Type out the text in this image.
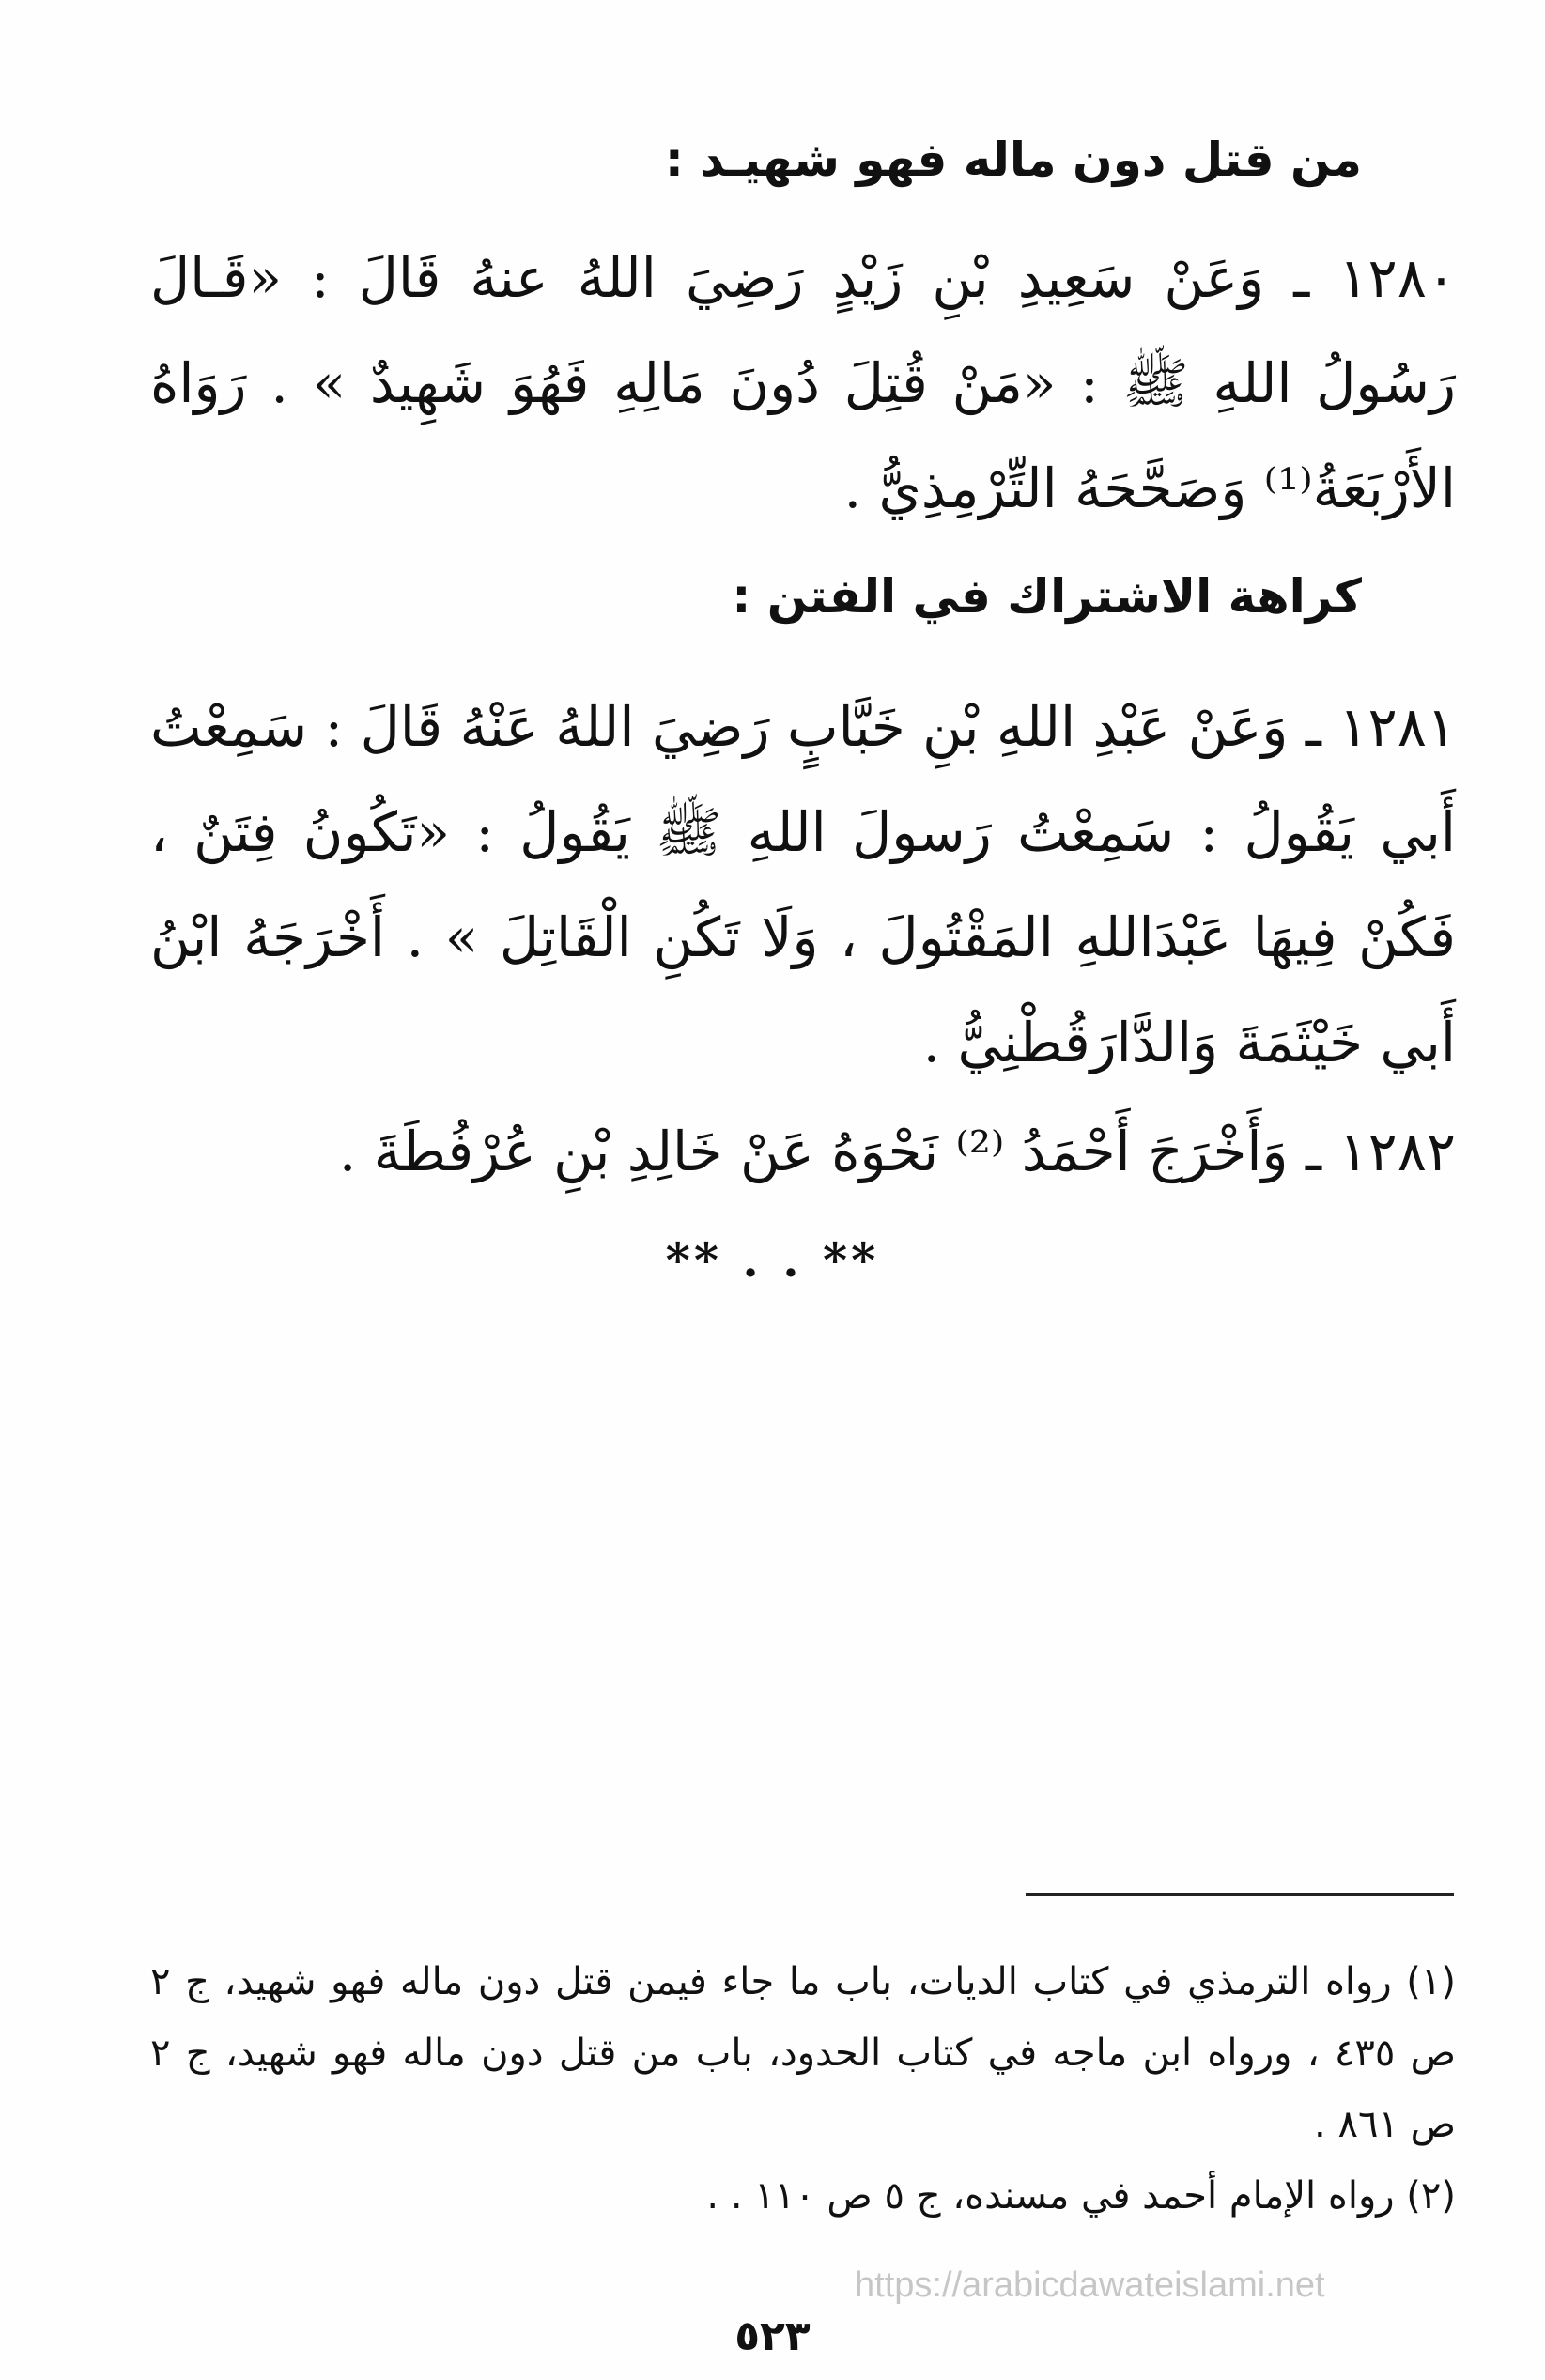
من قتل دون ماله فهو شهيـد :
١٢٨٠ ـ وَعَنْ سَعِيدِ بْنِ زَيْدٍ رَضِيَ اللهُ عنهُ قَالَ : «قَـالَ رَسُولُ اللهِ ﷺ : «مَنْ قُتِلَ دُونَ مَالِهِ فَهُوَ شَهِيدٌ » . رَوَاهُ الأَرْبَعَةُ⁽¹⁾ وَصَحَّحَهُ التِّرْمِذِيُّ .
كراهة الاشتراك في الفتن :
١٢٨١ ـ وَعَنْ عَبْدِ اللهِ بْنِ خَبَّابٍ رَضِيَ اللهُ عَنْهُ قَالَ : سَمِعْتُ أَبي يَقُولُ : سَمِعْتُ رَسولَ اللهِ ﷺ يَقُولُ : «تَكُونُ فِتَنٌ ، فَكُنْ فِيهَا عَبْدَاللهِ المَقْتُولَ ، وَلَا تَكُنِ الْقَاتِلَ » . أَخْرَجَهُ ابْنُ أَبي خَيْثَمَةَ وَالدَّارَقُطْنِيُّ .
١٢٨٢ ـ وَأَخْرَجَ أَحْمَدُ ⁽²⁾ نَحْوَهُ عَنْ خَالِدِ بْنِ عُرْفُطَةَ .
** . . **
(١) رواه الترمذي في كتاب الديات، باب ما جاء فيمن قتل دون ماله فهو شهيد، ج ٢ ص ٤٣٥ ، ورواه ابن ماجه في كتاب الحدود، باب من قتل دون ماله فهو شهيد، ج ٢ ص ٨٦١ .
(٢) رواه الإمام أحمد في مسنده، ج ٥ ص ١١٠ . .
https://arabicdawateislami.net
٥٢٣
